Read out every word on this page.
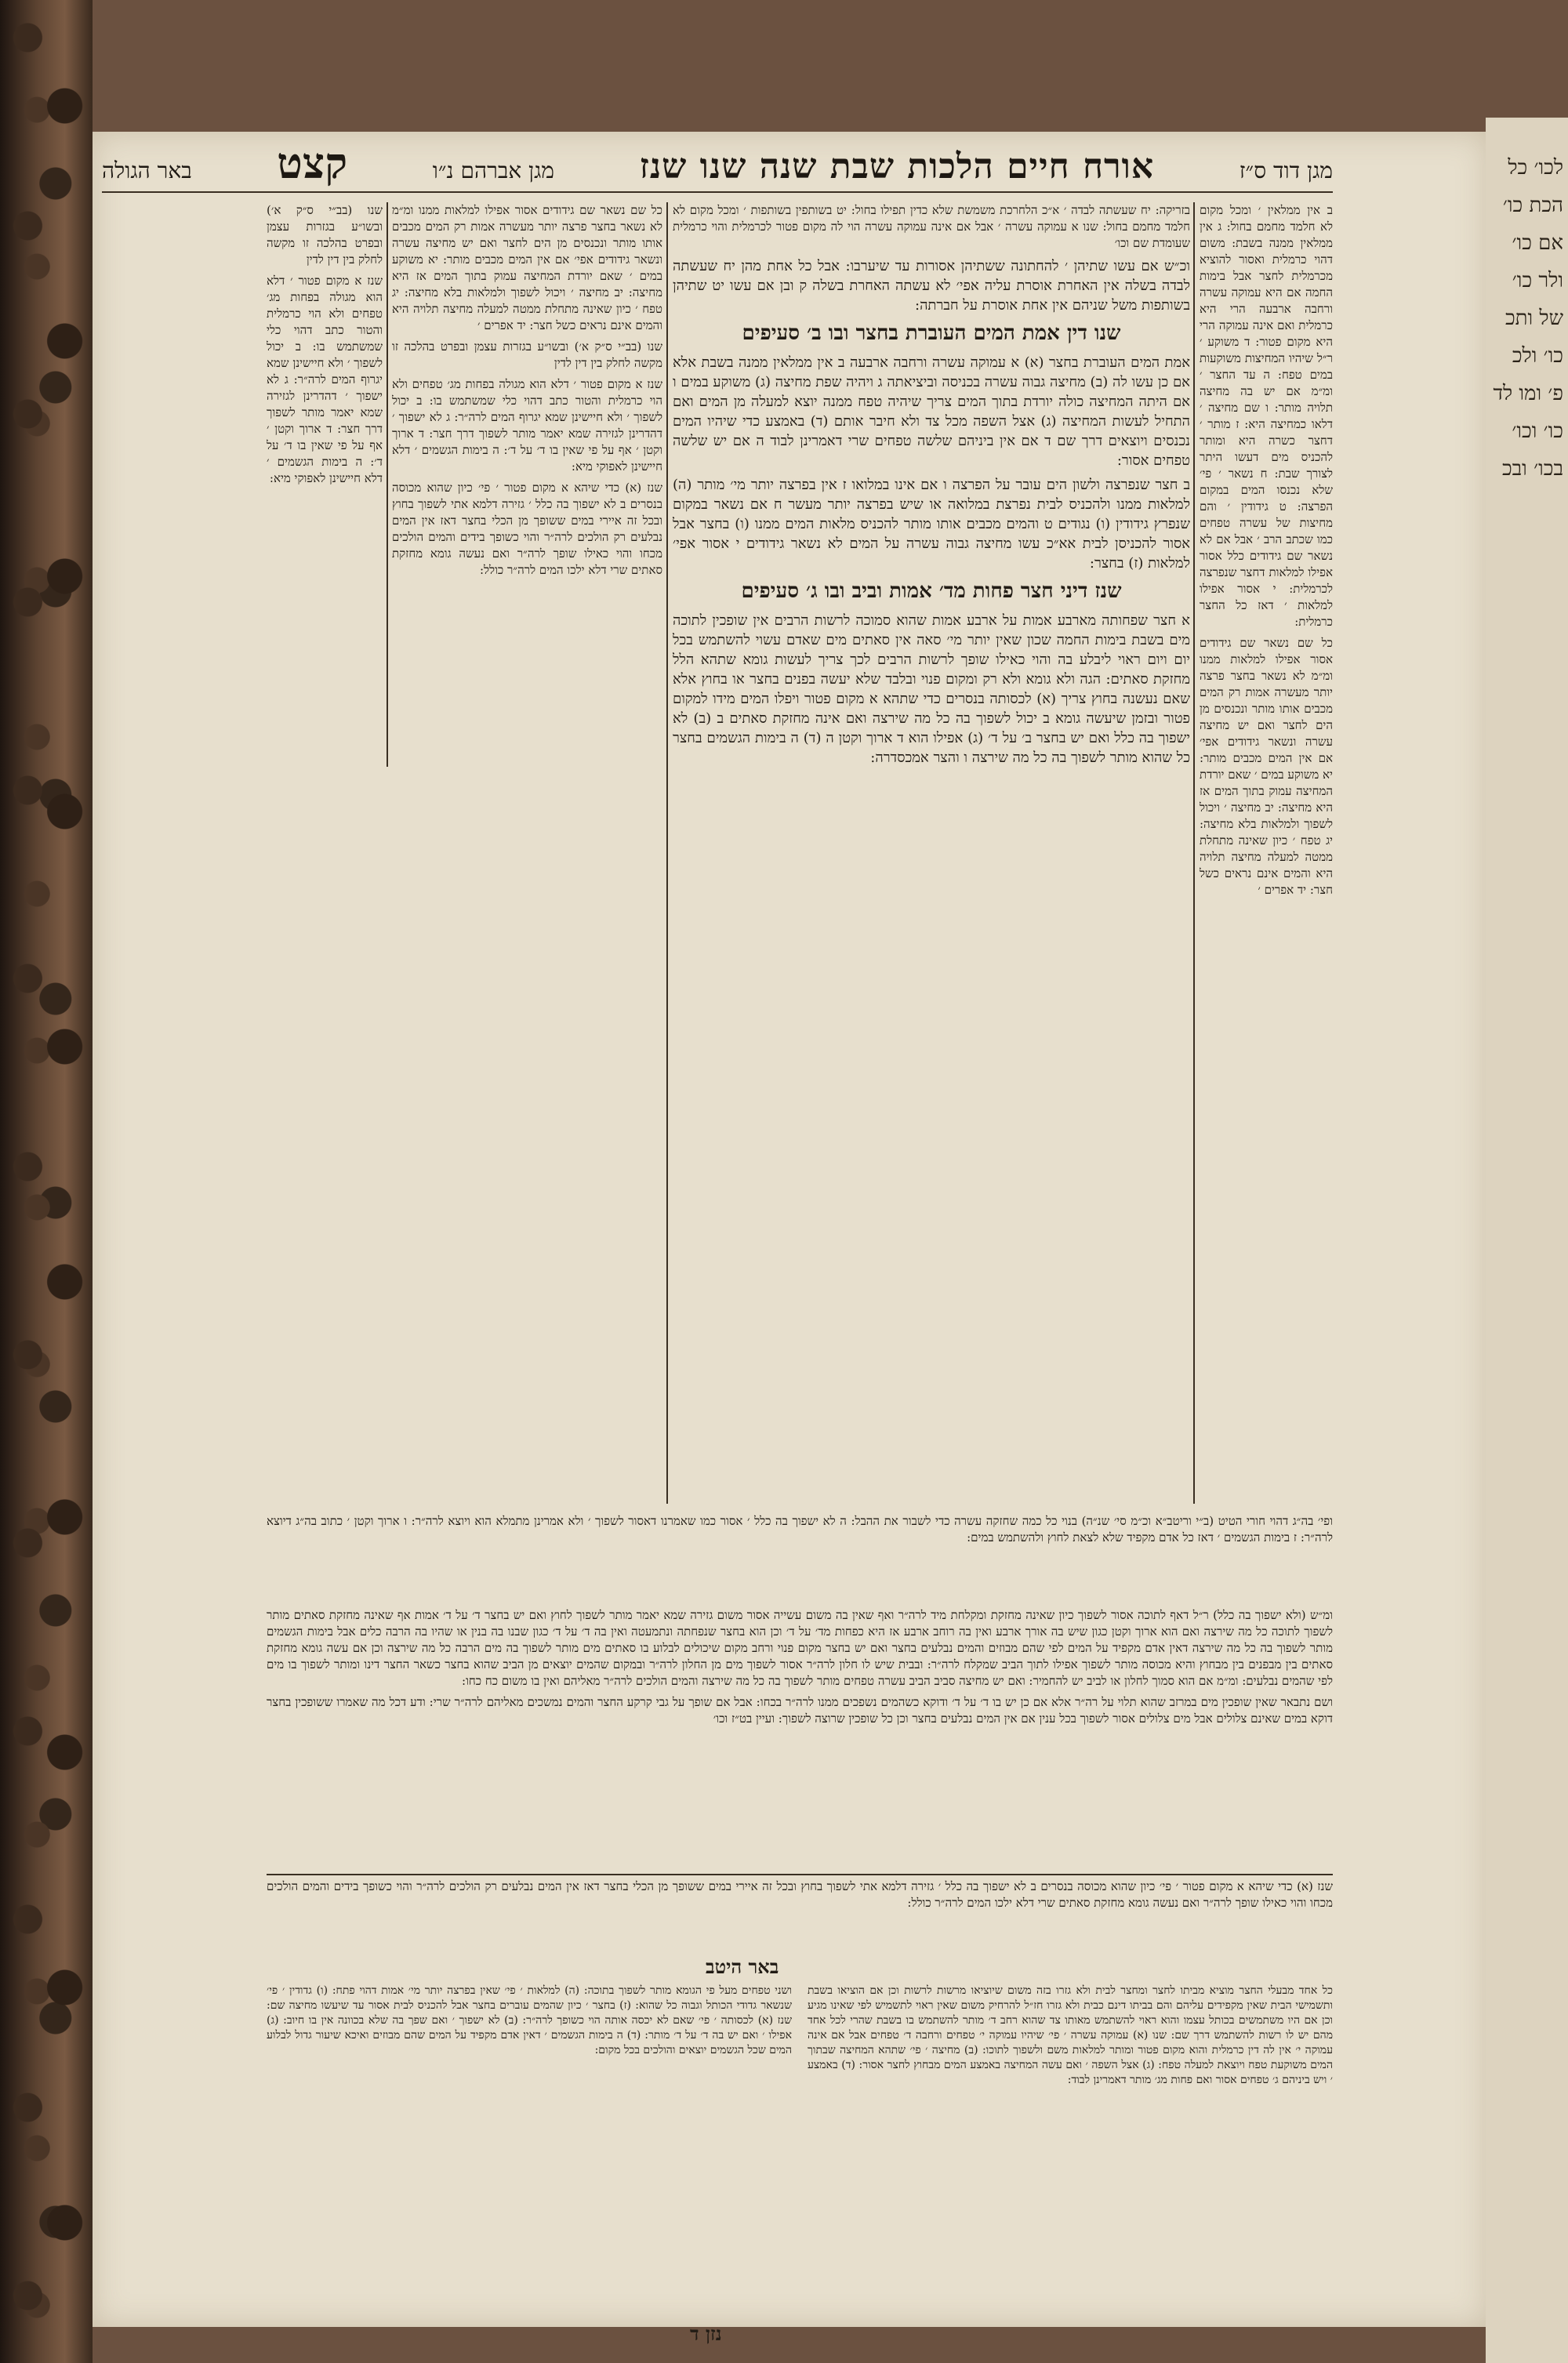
לכו׳ כל הכת כו׳ אם כו׳ ולר כו׳ של ותכ כו׳ ולכ פ׳ ומו לד כו׳ וכו׳ בכו׳ ובכ
מגן דוד ס״ז
אורח חיים הלכות שבת שנה שנו שנז
מגן אברהם נ״ו
קצט
באר הגולה

ב אין ממלאין ׳ ומכל מקום לא חלמד מחמם בחול: ג אין ממלאין ממנה בשבת: משום דהוי כרמלית ואסור להוציא מכרמלית לחצר אבל בימות החמה אם היא עמוקה עשרה ורחבה ארבעה הרי היא כרמלית ואם אינה עמוקה הרי היא מקום פטור: ד משוקע ׳ ר״ל שיהיו המחיצות משוקעות במים טפח: ה עד החצר ׳ ומ״מ אם יש בה מחיצה תלויה מותר: ו שם מחיצה ׳ דלאו כמחיצה היא: ז מותר ׳ דחצר כשרה היא ומותר להכניס מים דעשו היתר לצורך שבת: ח נשאר ׳ פי׳ שלא נכנסו המים במקום הפרצה: ט גידודין ׳ והם מחיצות של עשרה טפחים כמו שכתב הרב ׳ אבל אם לא נשאר שם גידודים כלל אסור אפילו למלאות דחצר שנפרצה לכרמלית: י אסור אפילו למלאות ׳ דאז כל החצר כרמלית:

כל שם נשאר שם גידודים אסור אפילו למלאות ממנו ומ״מ לא נשאר בחצר פרצה יותר מעשרה אמות רק המים מכבים אותו מותר ונכנסים מן הים לחצר ואם יש מחיצה עשרה ונשאר גידודים אפי׳ אם אין המים מכבים מותר: יא משוקע במים ׳ שאם יורדת המחיצה עמוק בתוך המים אז היא מחיצה: יב מחיצה ׳ ויכול לשפוך ולמלאות בלא מחיצה: יג טפח ׳ כיון שאינה מתחלת ממטה למעלה מחיצה תלויה היא והמים אינם נראים כשל חצר: יד אפרים ׳

בזריקה: יח שעשתה לבדה ׳ א״כ הלחרכת משמשת שלא כדין תפילו בחול: יט בשותפין בשותפות ׳ ומכל מקום לא חלמד מחמם בחול: שנו א עמוקה עשרה ׳ אבל אם אינה עמוקה עשרה הוי לה מקום פטור לכרמלית והוי כרמלית שעומדת שם וכו׳

וכ״ש אם עשו שתיהן ׳ להחתונה ששתיהן אסורות עד שיערבו: אבל כל אחת מהן יח שעשתה לבדה בשלה אין האחרת אוסרת עליה אפי׳ לא עשתה האחרת בשלה ק ובן אם עשו יט שתיהן בשותפות משל שניהם אין אחת אוסרת על חברתה:

שנו דין אמת המים העוברת בחצר ובו ב׳ סעיפים

אמת המים העוברת בחצר (א) א עמוקה עשרה ורחבה ארבעה ב אין ממלאין ממנה בשבת אלא אם כן עשו לה (ב) מחיצה גבוה עשרה בכניסה וביציאתה ג ויהיה שפת מחיצה (ג) משוקע במים ו אם היתה המחיצה כולה יורדת בתוך המים צריך שיהיה טפח ממנה יוצא למעלה מן המים ואם התחיל לעשות המחיצה (ג) אצל השפה מכל צד ולא חיבר אותם (ד) באמצע כדי שיהיו המים נכנסים ויוצאים דרך שם ד אם אין ביניהם שלשה טפחים שרי דאמרינן לבוד ה אם יש שלשה טפחים אסור:

ב חצר שנפרצה ולשון הים עובר על הפרצה ו אם אינו במלואו ז אין בפרצה יותר מי׳ מותר (ה) למלאות ממנו ולהכניס לבית נפרצת במלואה או שיש בפרצה יותר מעשר ח אם נשאר במקום שנפרץ גידודין (ו) נגודים ט והמים מכבים אותו מותר להכניס מלאות המים ממנו (ו) בחצר אבל אסור להכניסן לבית אא״כ עשו מחיצה גבוה עשרה על המים לא נשאר גידודים י אסור אפי׳ למלאות (ז) בחצר:

שנז דיני חצר פחות מד׳ אמות וביב ובו ג׳ סעיפים

א חצר שפחותה מארבע אמות על ארבע אמות שהוא סמוכה לרשות הרבים אין שופכין לתוכה מים בשבת בימות החמה שכון שאין יותר מי׳ סאה אין סאתים מים שאדם עשוי להשתמש בכל יום ויום ראוי ליבלע בה והוי כאילו שופך לרשות הרבים לכך צריך לעשות גומא שתהא הלל מחזקת סאתים: הגה ולא גומא ולא רק ומקום פנוי ובלבד שלא יעשה בפנים בחצר או בחוץ אלא שאם נעשנה בחוץ צריך (א) לכסותה בנסרים כדי שתהא א מקום פטור ויפלו המים מידו למקום פטור ובזמן שיעשה גומא ב יכול לשפוך בה כל מה שירצה ואם אינה מחזקת סאתים ב (ב) לא ישפוך בה כלל ואם יש בחצר ב׳ על ד׳ (ג) אפילו הוא ד ארוך וקטן ה (ד) ה בימות הגשמים בחצר כל שהוא מותר לשפוך בה כל מה שירצה ו והצר אמכסדרה:

כל שם נשאר שם גידודים אסור אפילו למלאות ממנו ומ״מ לא נשאר בחצר פרצה יותר מעשרה אמות רק המים מכבים אותו מותר ונכנסים מן הים לחצר ואם יש מחיצה עשרה ונשאר גידודים אפי׳ אם אין המים מכבים מותר: יא משוקע במים ׳ שאם יורדת המחיצה עמוק בתוך המים אז היא מחיצה: יב מחיצה ׳ ויכול לשפוך ולמלאות בלא מחיצה: יג טפח ׳ כיון שאינה מתחלת ממטה למעלה מחיצה תלויה היא והמים אינם נראים כשל חצר: יד אפרים ׳

שנו (בב״י ס״ק א׳) ובשו״ע בגזרות עצמן ובפרט בהלכה זו מקשה לחלק בין דין לדין

שנז א מקום פטור ׳ דלא הוא מגולה בפחות מג׳ טפחים ולא הוי כרמלית והטור כתב דהוי כלי שמשתמש בו: ב יכול לשפוך ׳ ולא חיישינן שמא יגרוף המים לרה״ר: ג לא ישפוך ׳ דהדרינן לגזירה שמא יאמר מותר לשפוך דרך חצר: ד ארוך וקטן ׳ אף על פי שאין בו ד׳ על ד׳: ה בימות הגשמים ׳ דלא חיישינן לאפוקי מיא:

שנז (א) כדי שיהא א מקום פטור ׳ פי׳ כיון שהוא מכוסה בנסרים ב לא ישפוך בה כלל ׳ גזירה דלמא אתי לשפוך בחוץ ובכל זה איירי במים ששופך מן הכלי בחצר דאז אין המים נבלעים רק הולכים לרה״ר והוי כשופך בידים והמים הולכים מכחו והוי כאילו שופך לרה״ר ואם נעשה גומא מחזקת סאתים שרי דלא ילכו המים לרה״ר כולל:

שנו (בב״י ס״ק א׳) ובשו״ע בגזרות עצמן ובפרט בהלכה זו מקשה לחלק בין דין לדין

שנז א מקום פטור ׳ דלא הוא מגולה בפחות מג׳ טפחים ולא הוי כרמלית והטור כתב דהוי כלי שמשתמש בו: ב יכול לשפוך ׳ ולא חיישינן שמא יגרוף המים לרה״ר: ג לא ישפוך ׳ דהדרינן לגזירה שמא יאמר מותר לשפוך דרך חצר: ד ארוך וקטן ׳ אף על פי שאין בו ד׳ על ד׳: ה בימות הגשמים ׳ דלא חיישינן לאפוקי מיא:

ופי׳ בה״ג דהוי חורי הטיט (ב״י וריטב״א וכ״מ סי׳ שנ״ה) בנוי כל כמה שחזקה עשרה כדי לשבור את ההבל: ה לא ישפוך בה כלל ׳ אסור כמו שאמרנו דאסור לשפוך ׳ ולא אמרינן מתמלא הוא ויוצא לרה״ר: ו ארוך וקטן ׳ כתוב בה״ג דיוצא לרה״ר: ז בימות הגשמים ׳ דאז כל אדם מקפיד שלא לצאת לחוץ ולהשתמש במים:

ומ״ש (ולא ישפוך בה כלל) ר״ל דאף לתוכה אסור לשפוך כיון שאינה מחזקת ומקלחת מיד לרה״ר ואף שאין בה משום עשייה אסור משום גזירה שמא יאמר מותר לשפוך לחוץ ואם יש בחצר ד׳ על ד׳ אמות אף שאינה מחזקת סאתים מותר לשפוך לתוכה כל מה שירצה ואם הוא ארוך וקטן כגון שיש בה אורך ארבע ואין בה רוחב ארבע אז היא כפחות מד׳ על ד׳ וכן הוא בחצר שנפחתה ונתמעטה ואין בה ד׳ על ד׳ כגון שבנו בה בנין או שהיו בה הרבה כלים אבל בימות הגשמים מותר לשפוך בה כל מה שירצה דאין אדם מקפיד על המים לפי שהם מבוזים והמים נבלעים בחצר ואם יש בחצר מקום פנוי ורחב מקום שיכולים לבלוע בו סאתים מים מותר לשפוך בה מים הרבה כל מה שירצה וכן אם עשה גומא מחזקת סאתים בין מבפנים בין מבחוץ והיא מכוסה מותר לשפוך אפילו לתוך הביב שמקלח לרה״ר: ובבית שיש לו חלון לרה״ר אסור לשפוך מים מן החלון לרה״ר ובמקום שהמים יוצאים מן הביב שהוא בחצר כשאר החצר דינו ומותר לשפוך בו מים לפי שהמים נבלעים: ומ״מ אם הוא סמוך לחלון או לביב יש להחמיר: ואם יש מחיצה סביב הביב עשרה טפחים מותר לשפוך בה כל מה שירצה והמים הולכים לרה״ר מאליהם ואין בו משום כח כחו:

ושם נתבאר שאין שופכין מים במרזב שהוא תלוי על רה״ר אלא אם כן יש בו ד׳ על ד׳ ודוקא כשהמים נשפכים ממנו לרה״ר בכחו: אבל אם שופך על גבי קרקע החצר והמים נמשכים מאליהם לרה״ר שרי: ודע דכל מה שאמרו ששופכין בחצר דוקא במים שאינם צלולים אבל מים צלולים אסור לשפוך בכל ענין אם אין המים נבלעים בחצר וכן כל שופכין שרוצה לשפוך: ועיין בט״ז וכו׳

שנז (א) כדי שיהא א מקום פטור ׳ פי׳ כיון שהוא מכוסה בנסרים ב לא ישפוך בה כלל ׳ גזירה דלמא אתי לשפוך בחוץ ובכל זה איירי במים ששופך מן הכלי בחצר דאז אין המים נבלעים רק הולכים לרה״ר והוי כשופך בידים והמים הולכים מכחו והוי כאילו שופך לרה״ר ואם נעשה גומא מחזקת סאתים שרי דלא ילכו המים לרה״ר כולל:

באר היטב
כל אחד מבעלי החצר מוציא מביתו לחצר ומחצר לבית ולא גזרו בזה משום שיוציאו מרשות לרשות וכן אם הוציאו בשבת ותשמישי הבית שאין מקפידים עליהם והם בביתו דינם כבית ולא גזרו חז״ל להרחיק משום שאין ראוי לתשמיש לפי שאינו מגיע וכן אם היו משתמשים בכותל עצמו והוא ראוי להשתמש מאותו צד שהוא רחב ד׳ מותר להשתמש בו בשבת שהרי לכל אחד מהם יש לו רשות להשתמש דרך שם: שנו (א) עמוקה עשרה ׳ פי׳ שיהיו עמוקה י׳ טפחים ורחבה ד׳ טפחים אבל אם אינה עמוקה י׳ אין לה דין כרמלית והוא מקום פטור ומותר למלאות משם ולשפוך לתוכו: (ב) מחיצה ׳ פי׳ שתהא המחיצה שבתוך המים משוקעת טפח ויוצאת למעלה טפח: (ג) אצל השפה ׳ ואם עשה המחיצה באמצע המים מבחוץ לחצר אסור: (ד) באמצע ׳ ויש ביניהם ג׳ טפחים אסור ואם פחות מג׳ מותר דאמרינן לבוד:
ושני טפחים מעל פי הגומא מותר לשפוך בתוכה: (ה) למלאות ׳ פי׳ שאין בפרצה יותר מי׳ אמות דהוי פתח: (ו) גדודין ׳ פי׳ שנשאר גדודי הכותל וגבוה כל שהוא: (ז) בחצר ׳ כיון שהמים עוברים בחצר אבל להכניס לבית אסור עד שיעשו מחיצה שם: שנז (א) לכסותה ׳ פי׳ שאם לא יכסה אותה הוי כשופך לרה״ר: (ב) לא ישפוך ׳ ואם שפך בה שלא בכוונה אין בו חיוב: (ג) אפילו ׳ ואם יש בה ד׳ על ד׳ מותר: (ד) ה בימות הגשמים ׳ דאין אדם מקפיד על המים שהם מבוזים ואיכא שיעור גדול לבלוע המים שכל הגשמים יוצאים והולכים בכל מקום:
נזן ד
